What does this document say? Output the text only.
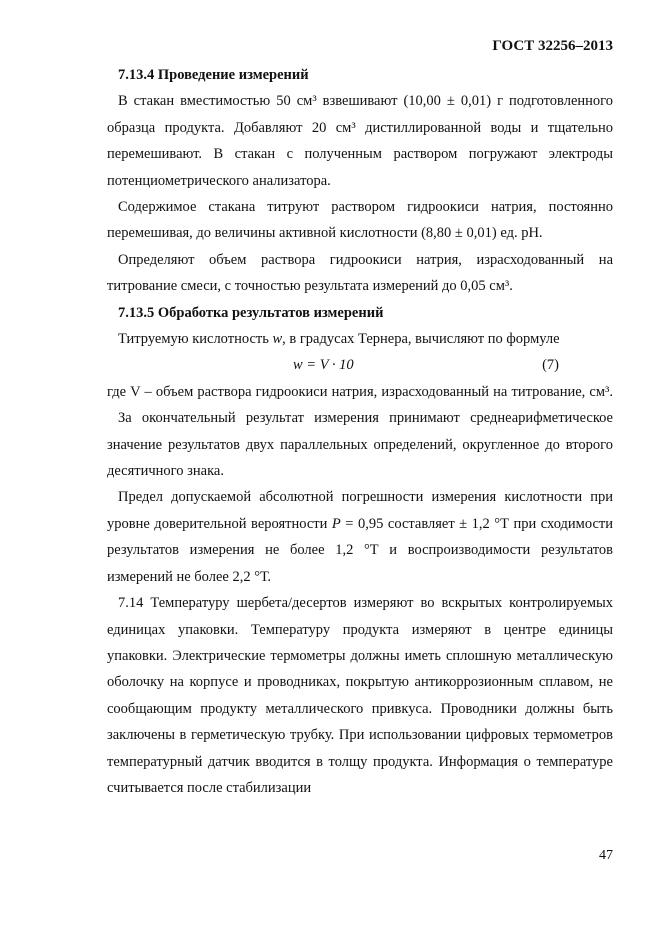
ГОСТ 32256–2013

7.13.4 Проведение измерений

В стакан вместимостью 50 см³ взвешивают (10,00 ± 0,01) г подготовленного образца продукта. Добавляют 20 см³ дистиллированной воды и тщательно перемешивают. В стакан с полученным раствором погружают электроды потенциометрического анализатора.

Содержимое стакана титруют раствором гидроокиси натрия, постоянно перемешивая, до величины активной кислотности (8,80 ± 0,01) ед. pH.

Определяют объем раствора гидроокиси натрия, израсходованный на титрование смеси, с точностью результата измерений до 0,05 см³.

7.13.5 Обработка результатов измерений

Титруемую кислотность w, в градусах Тернера, вычисляют по формуле

w = V · 10	(7)

где V – объем раствора гидроокиси натрия, израсходованный на титрование, см³.

За окончательный результат измерения принимают среднеарифметическое значение результатов двух параллельных определений, округленное до второго десятичного знака.

Предел допускаемой абсолютной погрешности измерения кислотности при уровне доверительной вероятности P = 0,95 составляет ± 1,2 °Т при сходимости результатов измерения не более 1,2 °Т и воспроизводимости результатов измерений не более 2,2 °Т.

7.14 Температуру шербета/десертов измеряют во вскрытых контролируемых единицах упаковки. Температуру продукта измеряют в центре единицы упаковки. Электрические термометры должны иметь сплошную металлическую оболочку на корпусе и проводниках, покрытую антикоррозионным сплавом, не сообщающим продукту металлического привкуса. Проводники должны быть заключены в герметическую трубку. При использовании цифровых термометров температурный датчик вводится в толщу продукта. Информация о температуре считывается после стабилизации

47
